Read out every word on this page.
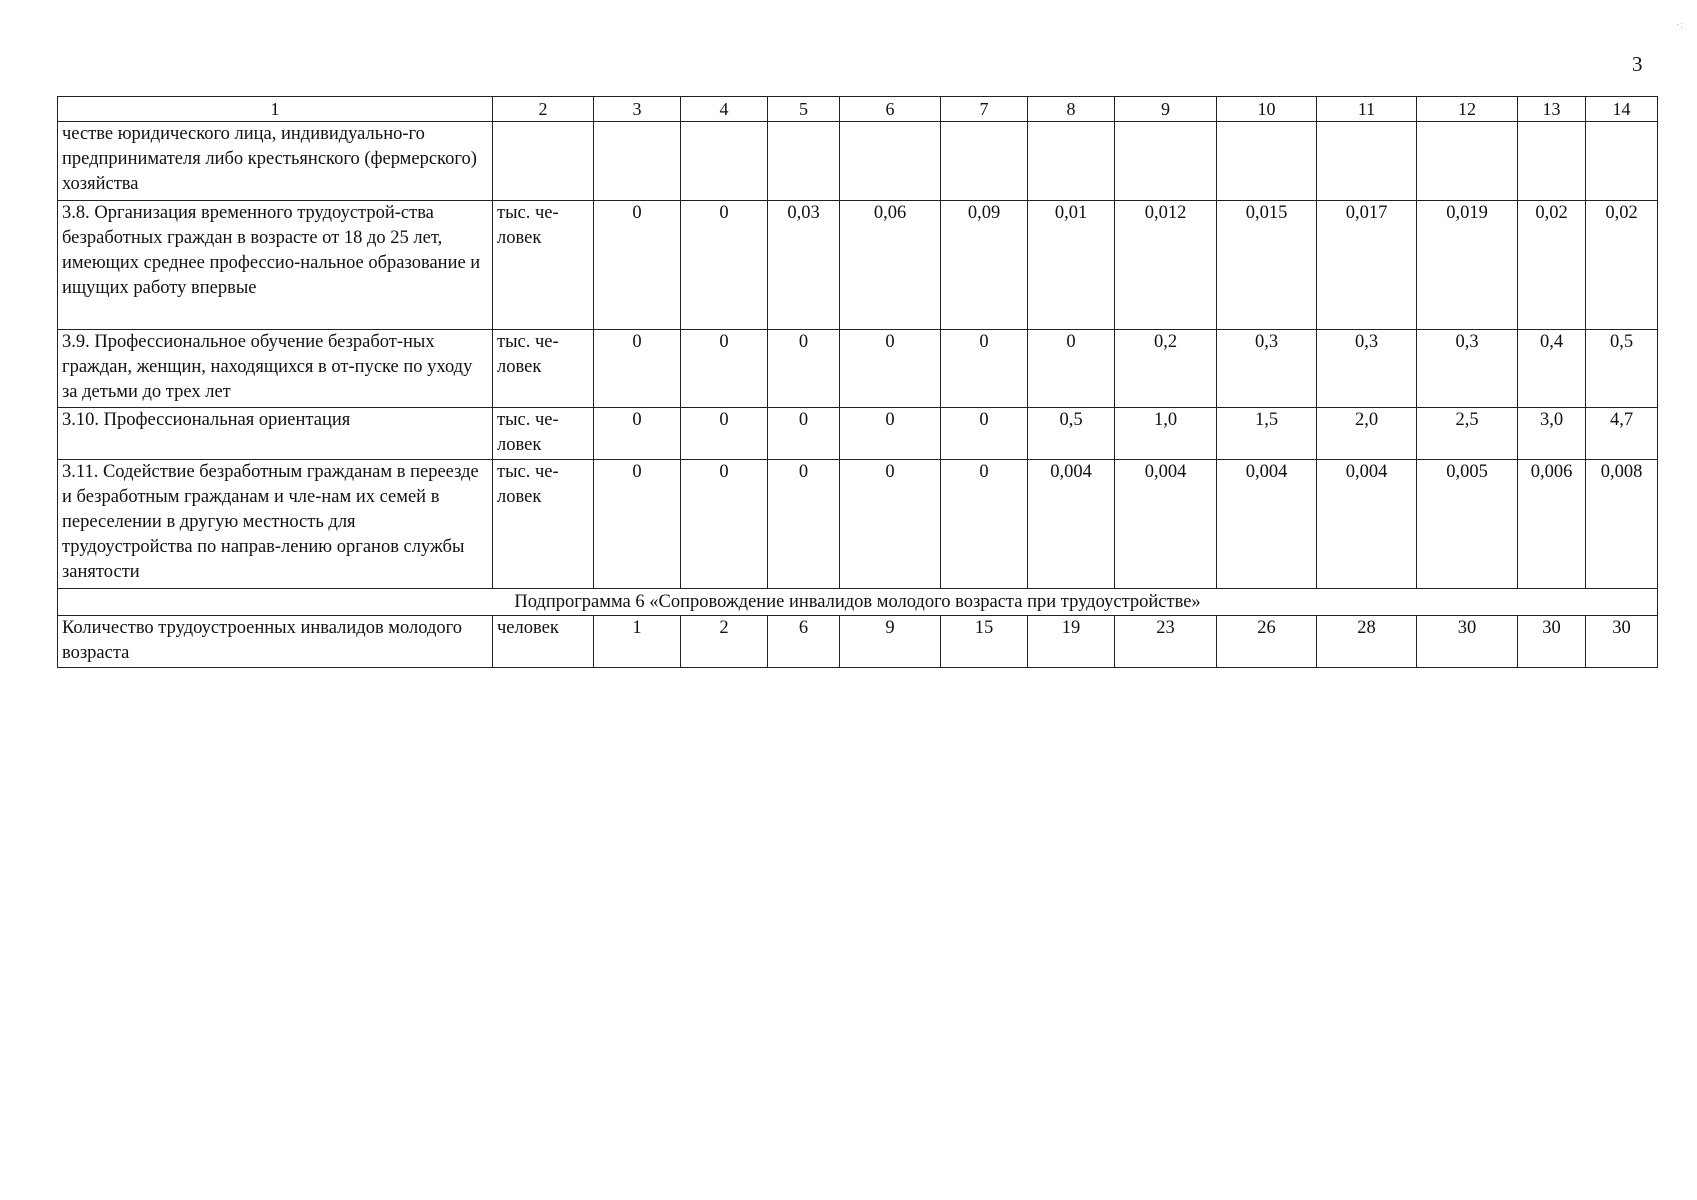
3
·:
1	2	3	4	5	6	7	8	9	10	11	12	13	14
честве юридического лица, индивидуально-го предпринимателя либо крестьянского (фермерского) хозяйства													
3.8. Организация временного трудоустрой-ства безработных граждан в возрасте от 18 до 25 лет, имеющих среднее профессио-нальное образование и ищущих работу впервые	тыс. че-ловек	0	0	0,03	0,06	0,09	0,01	0,012	0,015	0,017	0,019	0,02	0,02
3.9. Профессиональное обучение безработ-ных граждан, женщин, находящихся в от-пуске по уходу за детьми до трех лет	тыс. че-ловек	0	0	0	0	0	0	0,2	0,3	0,3	0,3	0,4	0,5
3.10. Профессиональная ориентация	тыс. че-ловек	0	0	0	0	0	0,5	1,0	1,5	2,0	2,5	3,0	4,7
3.11. Содействие безработным гражданам в переезде и безработным гражданам и чле-нам их семей в переселении в другую местность для трудоустройства по направ-лению органов службы занятости	тыс. че-ловек	0	0	0	0	0	0,004	0,004	0,004	0,004	0,005	0,006	0,008
Подпрограмма 6 «Сопровождение инвалидов молодого возраста при трудоустройстве»													
Количество трудоустроенных инвалидов молодого возраста	человек	1	2	6	9	15	19	23	26	28	30	30	30
